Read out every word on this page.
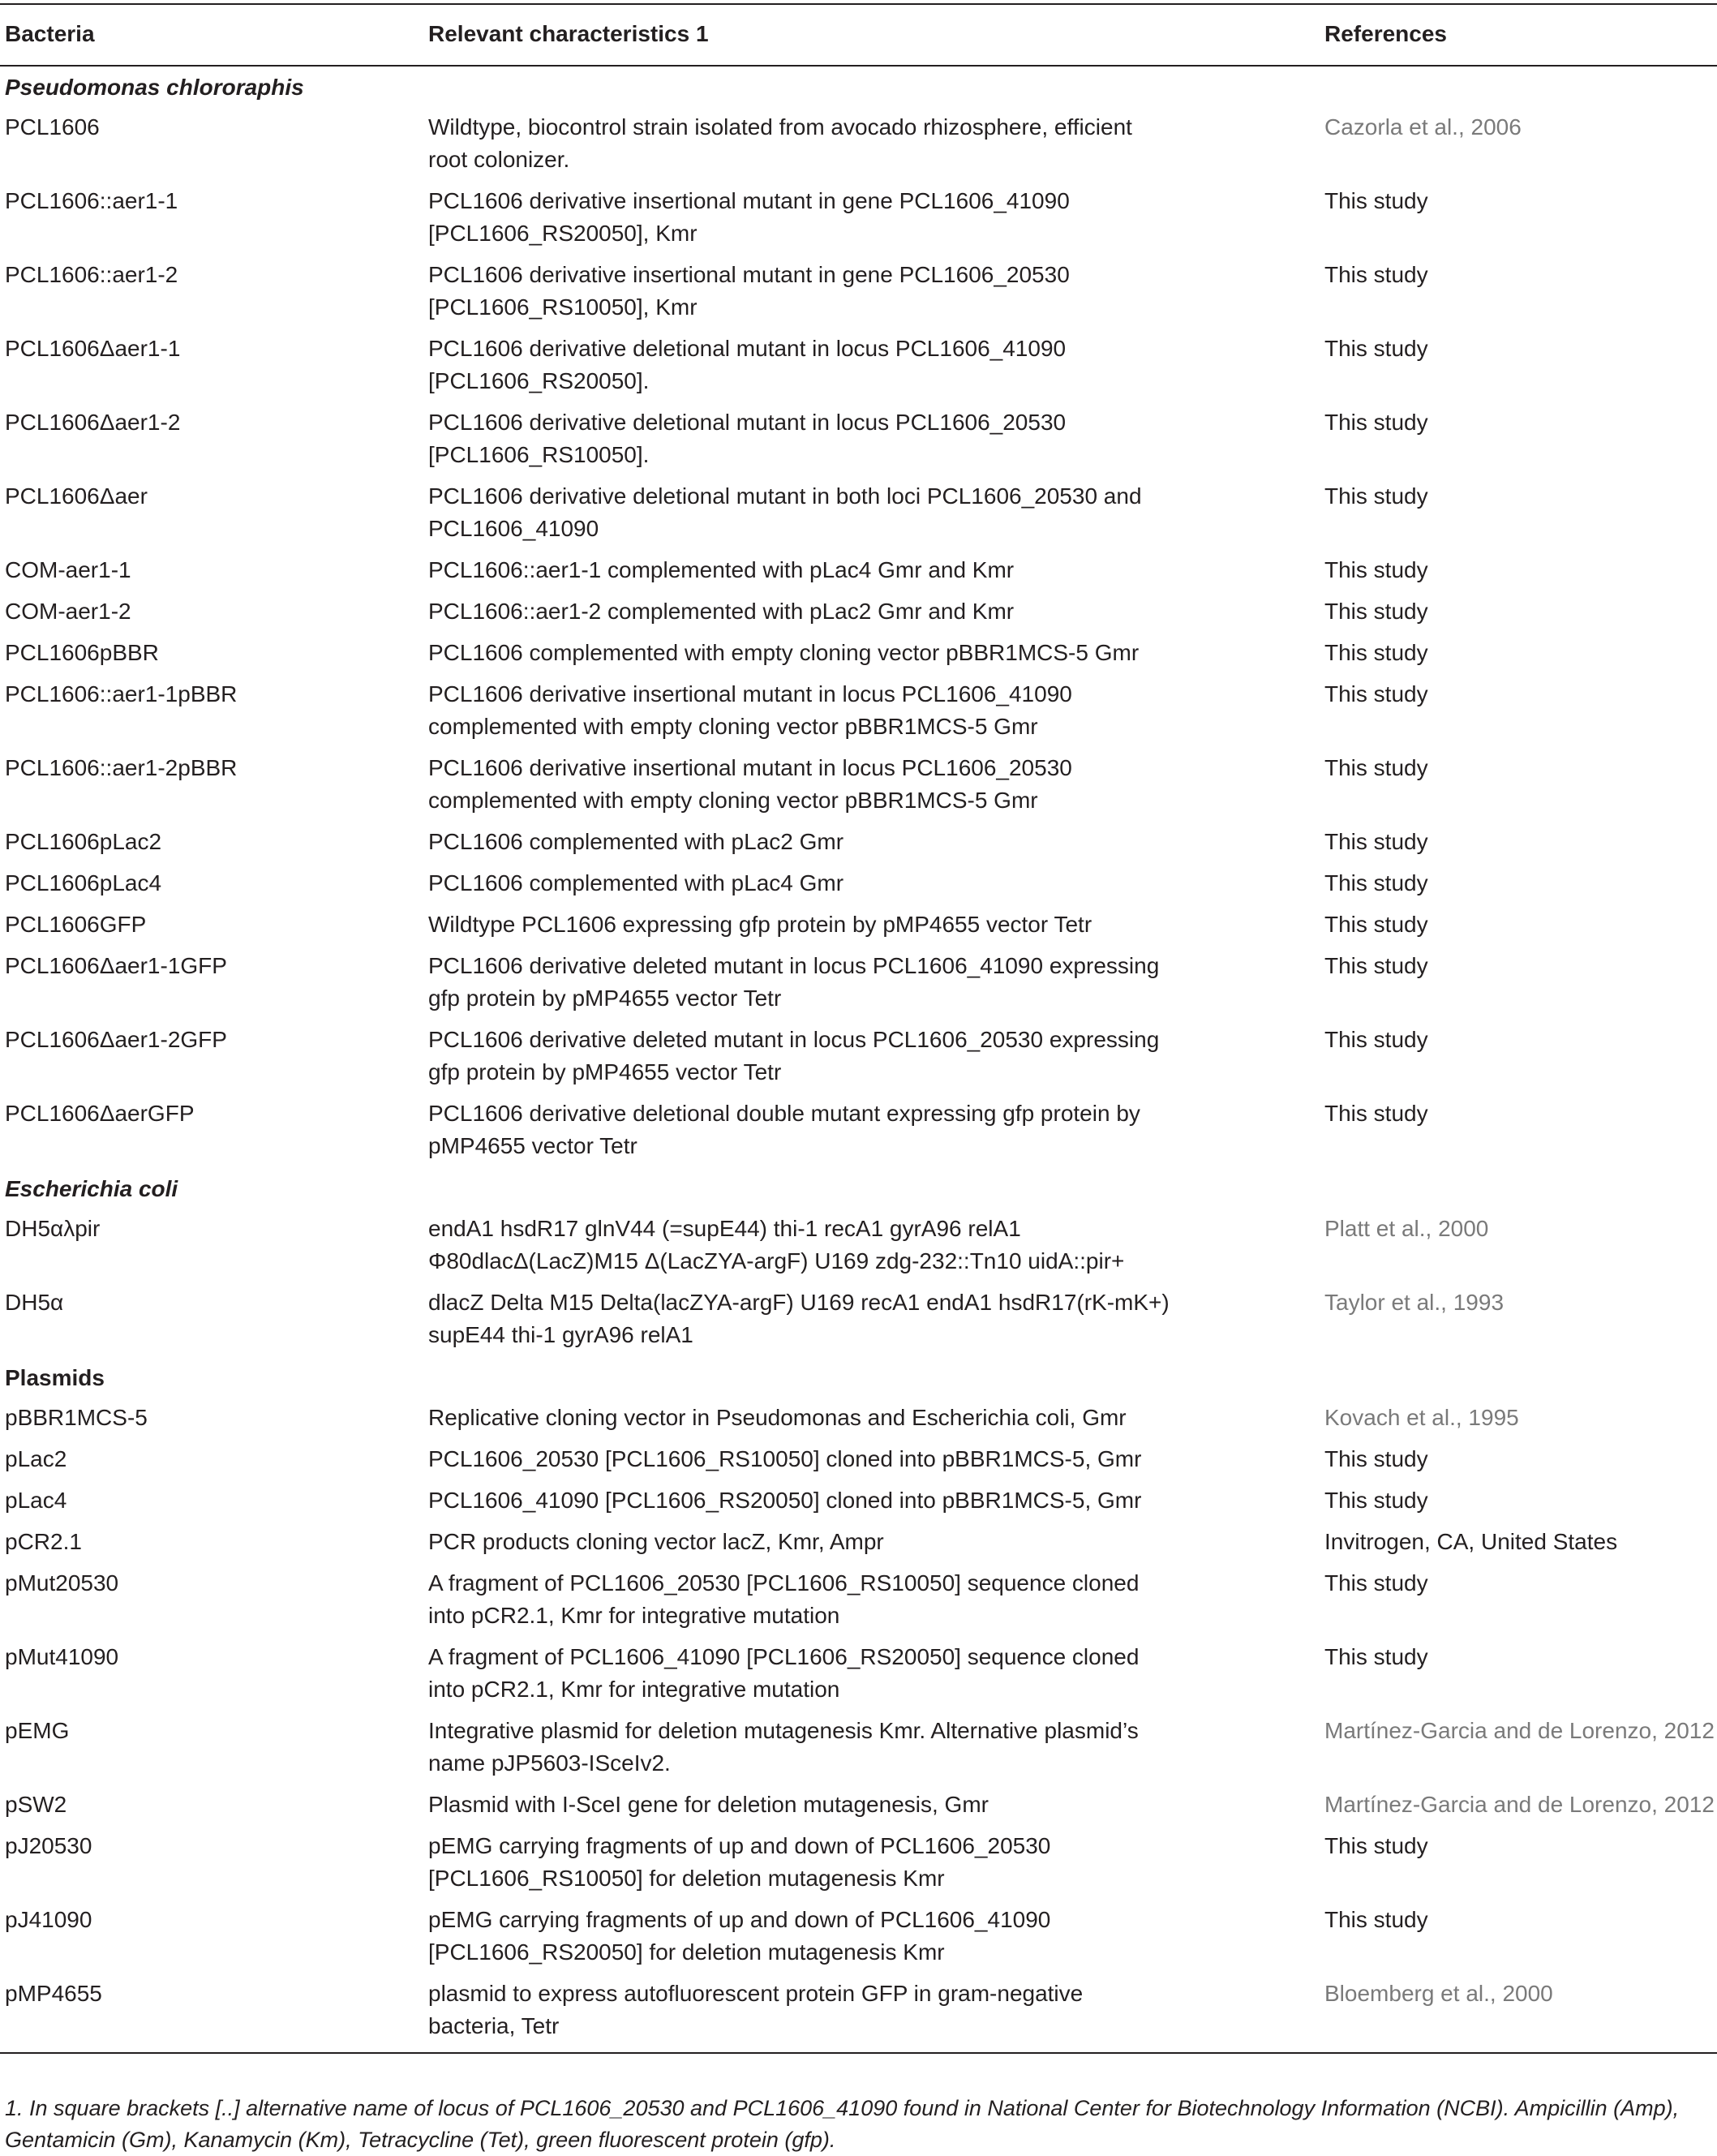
Bacteria	Relevant characteristics 1	References
Pseudomonas chlororaphis		
PCL1606	Wildtype, biocontrol strain isolated from avocado rhizosphere, efficient root colonizer.	Cazorla et al., 2006
PCL1606::aer1-1	PCL1606 derivative insertional mutant in gene PCL1606_41090 [PCL1606_RS20050], Kmr	This study
PCL1606::aer1-2	PCL1606 derivative insertional mutant in gene PCL1606_20530 [PCL1606_RS10050], Kmr	This study
PCL1606Δaer1-1	PCL1606 derivative deletional mutant in locus PCL1606_41090 [PCL1606_RS20050].	This study
PCL1606Δaer1-2	PCL1606 derivative deletional mutant in locus PCL1606_20530 [PCL1606_RS10050].	This study
PCL1606Δaer	PCL1606 derivative deletional mutant in both loci PCL1606_20530 and PCL1606_41090	This study
COM-aer1-1	PCL1606::aer1-1 complemented with pLac4 Gmr and Kmr	This study
COM-aer1-2	PCL1606::aer1-2 complemented with pLac2 Gmr and Kmr	This study
PCL1606pBBR	PCL1606 complemented with empty cloning vector pBBR1MCS-5 Gmr	This study
PCL1606::aer1-1pBBR	PCL1606 derivative insertional mutant in locus PCL1606_41090 complemented with empty cloning vector pBBR1MCS-5 Gmr	This study
PCL1606::aer1-2pBBR	PCL1606 derivative insertional mutant in locus PCL1606_20530 complemented with empty cloning vector pBBR1MCS-5 Gmr	This study
PCL1606pLac2	PCL1606 complemented with pLac2 Gmr	This study
PCL1606pLac4	PCL1606 complemented with pLac4 Gmr	This study
PCL1606GFP	Wildtype PCL1606 expressing gfp protein by pMP4655 vector Tetr	This study
PCL1606Δaer1-1GFP	PCL1606 derivative deleted mutant in locus PCL1606_41090 expressing gfp protein by pMP4655 vector Tetr	This study
PCL1606Δaer1-2GFP	PCL1606 derivative deleted mutant in locus PCL1606_20530 expressing gfp protein by pMP4655 vector Tetr	This study
PCL1606ΔaerGFP	PCL1606 derivative deletional double mutant expressing gfp protein by pMP4655 vector Tetr	This study
Escherichia coli		
DH5αλpir	endA1 hsdR17 glnV44 (=supE44) thi-1 recA1 gyrA96 relA1 Φ80dlacΔ(LacZ)M15 Δ(LacZYA-argF) U169 zdg-232::Tn10 uidA::pir+	Platt et al., 2000
DH5α	dlacZ Delta M15 Delta(lacZYA-argF) U169 recA1 endA1 hsdR17(rK-mK+) supE44 thi-1 gyrA96 relA1	Taylor et al., 1993
Plasmids		
pBBR1MCS-5	Replicative cloning vector in Pseudomonas and Escherichia coli, Gmr	Kovach et al., 1995
pLac2	PCL1606_20530 [PCL1606_RS10050] cloned into pBBR1MCS-5, Gmr	This study
pLac4	PCL1606_41090 [PCL1606_RS20050] cloned into pBBR1MCS-5, Gmr	This study
pCR2.1	PCR products cloning vector lacZ, Kmr, Ampr	Invitrogen, CA, United States
pMut20530	A fragment of PCL1606_20530 [PCL1606_RS10050] sequence cloned into pCR2.1, Kmr for integrative mutation	This study
pMut41090	A fragment of PCL1606_41090 [PCL1606_RS20050] sequence cloned into pCR2.1, Kmr for integrative mutation	This study
pEMG	Integrative plasmid for deletion mutagenesis Kmr. Alternative plasmid’s name pJP5603-ISceIv2.	Martínez-Garcia and de Lorenzo, 2012
pSW2	Plasmid with I-SceI gene for deletion mutagenesis, Gmr	Martínez-Garcia and de Lorenzo, 2012
pJ20530	pEMG carrying fragments of up and down of PCL1606_20530 [PCL1606_RS10050] for deletion mutagenesis Kmr	This study
pJ41090	pEMG carrying fragments of up and down of PCL1606_41090 [PCL1606_RS20050] for deletion mutagenesis Kmr	This study
pMP4655	plasmid to express autofluorescent protein GFP in gram-negative bacteria, Tetr	Bloemberg et al., 2000
1. In square brackets [..] alternative name of locus of PCL1606_20530 and PCL1606_41090 found in National Center for Biotechnology Information (NCBI). Ampicillin (Amp), Gentamicin (Gm), Kanamycin (Km), Tetracycline (Tet), green fluorescent protein (gfp).
